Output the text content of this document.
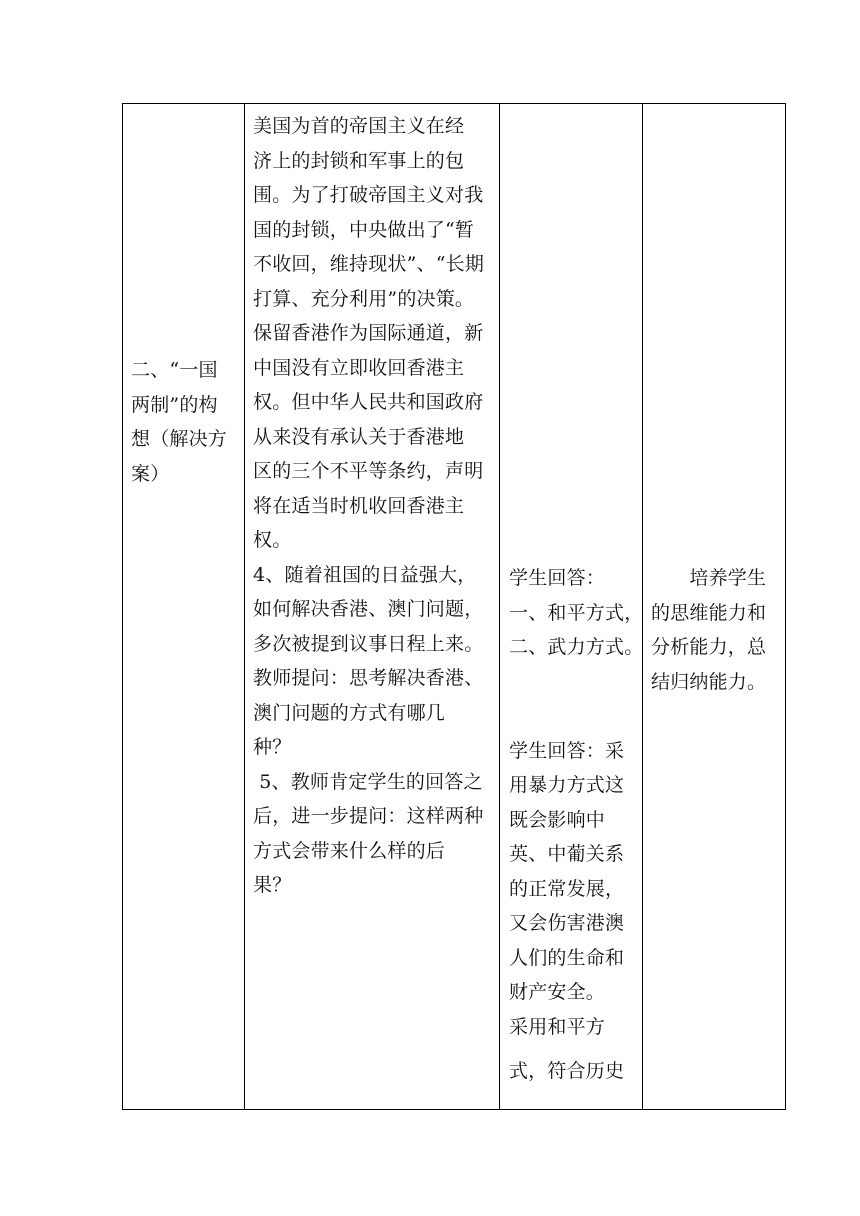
二、“一国

两制”的构

想（解决方

案）

美国为首的帝国主义在经

济上的封锁和军事上的包

围。为了打破帝国主义对我

国的封锁，中央做出了“暂

不收回，维持现状”、“长期

打算、充分利用”的决策。

保留香港作为国际通道，新

中国没有立即收回香港主

权。但中华人民共和国政府

从来没有承认关于香港地

区的三个不平等条约，声明

将在适当时机收回香港主

权。

4、随着祖国的日益强大，

如何解决香港、澳门问题，

多次被提到议事日程上来。

教师提问：思考解决香港、

澳门问题的方式有哪几

种？

5、教师肯定学生的回答之

后，进一步提问：这样两种

方式会带来什么样的后

果？

学生回答：

一、和平方式，

二、武力方式。

学生回答：采

用暴力方式这

既会影响中

英、中葡关系

的正常发展，

又会伤害港澳

人们的生命和

财产安全。

采用和平方

式，符合历史

　　培养学生

的思维能力和

分析能力，总

结归纳能力。
